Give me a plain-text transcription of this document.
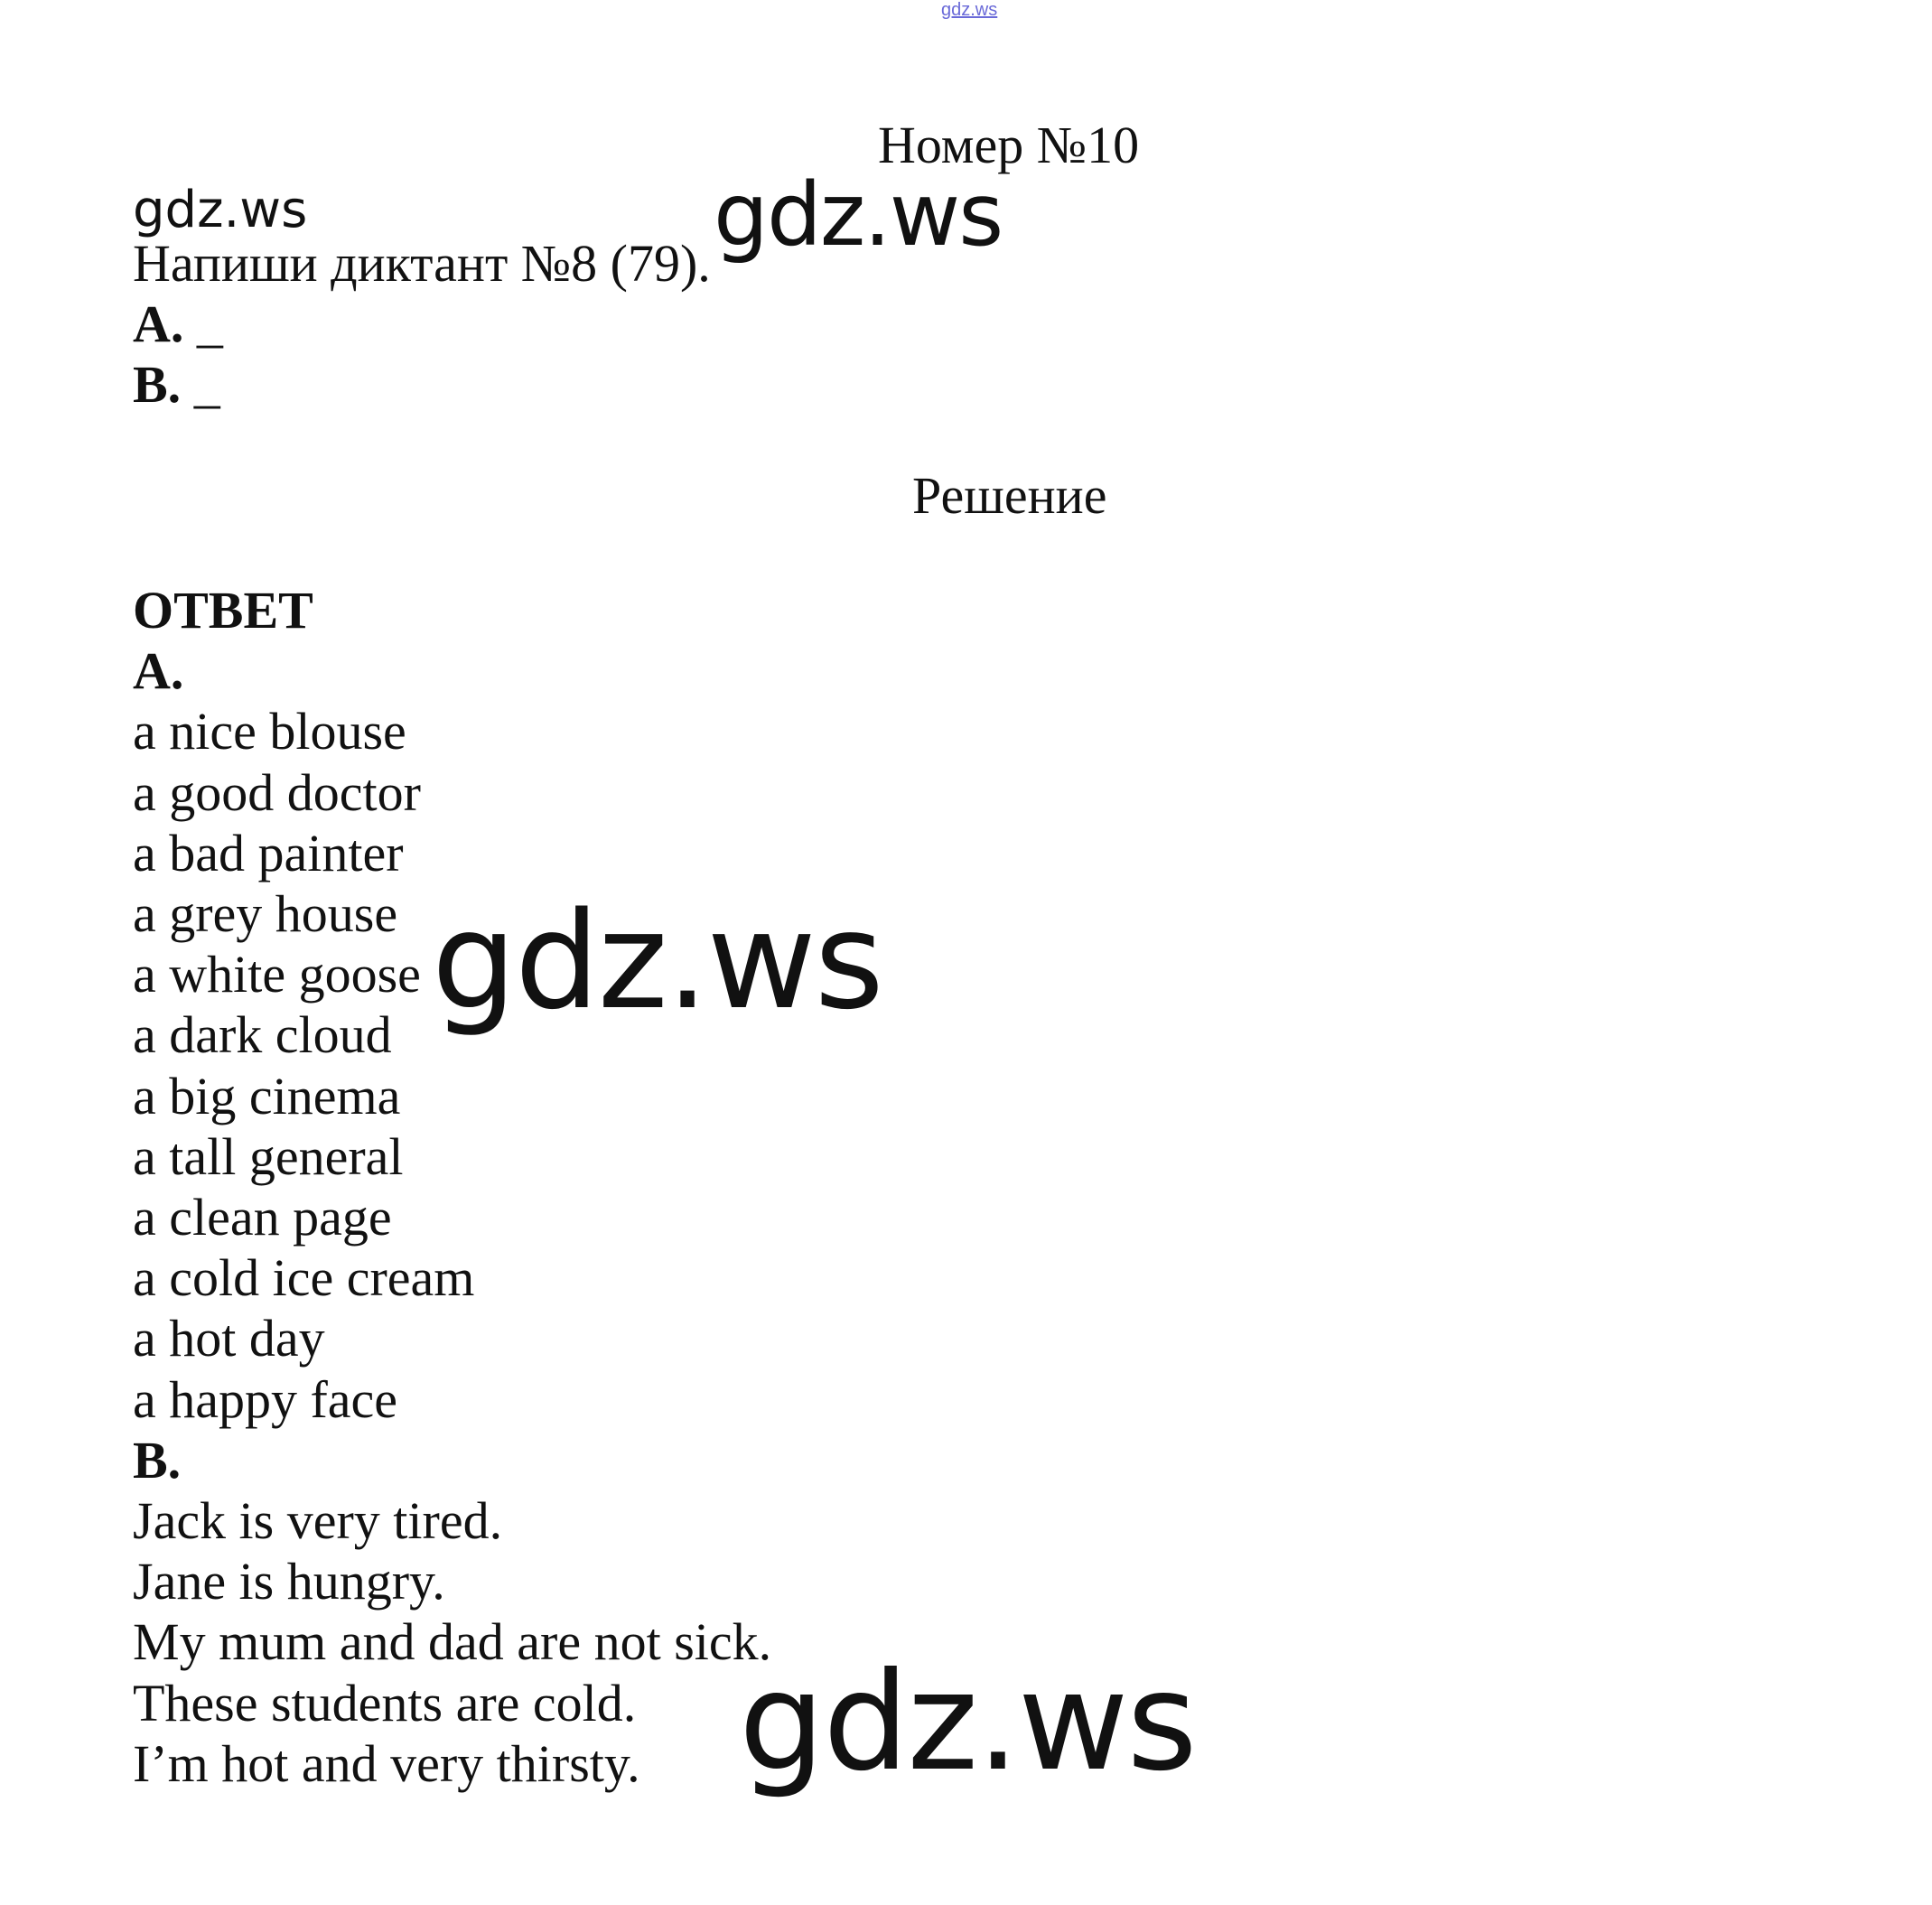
gdz.ws
Номер №10
gdz.ws	gdz.ws
Напиши диктант №8 (79).
A. _
B. _
Решение
ОТВЕТ
A.
a nice blouse
a good doctor
a bad painter
a grey house
a white goose
a dark cloud
a big cinema
a tall general
a clean page
a cold ice cream
a hot day
a happy face
B.
Jack is very tired.
Jane is hungry.
My mum and dad are not sick.
These students are cold.
I’m hot and very thirsty.
gdz.ws
gdz.ws
